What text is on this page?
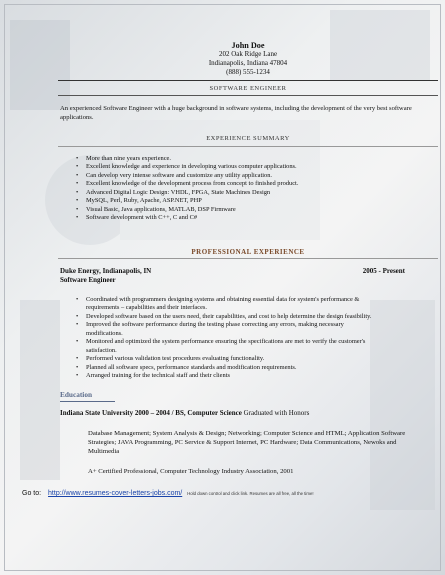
John Doe
202 Oak Ridge Lane
Indianapolis, Indiana 47804
(888) 555-1234
SOFTWARE ENGINEER
An experienced Software Engineer with a huge background in software systems, including the development of the very best software applications.
EXPERIENCE SUMMARY
• More than nine years experience.
• Excellent knowledge and experience in developing various computer applications.
• Can develop very intense software and customize any utility application.
• Excellent knowledge of the development process from concept to finished product.
• Advanced Digital Logic Design: VHDL, FPGA, State Machines Design
• MySQL, Perl, Ruby, Apache, ASP.NET, PHP
• Visual Basic, Java applications, MATLAB, DSP Firmware
• Software development with C++, C and C#
PROFESSIONAL EXPERIENCE
Duke Energy, Indianapolis, IN	2005 - Present
Software Engineer
• Coordinated with programmers designing systems and obtaining essential data for system's performance & requirements – capabilities and their interfaces.
• Developed software based on the users need, their capabilities, and cost to help determine the design feasibility.
• Improved the software performance during the testing phase correcting any errors, making necessary modifications.
• Monitored and optimized the system performance ensuring the specifications are met to verify the customer's satisfaction.
• Performed various validation test procedures evaluating functionality.
• Planned all software specs, performance standards and modification requirements.
• Arranged training for the technical staff and their clients
Education
Indiana State University 2000 – 2004 / BS, Computer Science Graduated with Honors
Database Management; System Analysis & Design; Networking; Computer Science and HTML; Application Software Strategies; JAVA Programming, PC Service & Support Internet, PC Hardware; Data Communications, Newoks and Multimedia
A+ Certified Professional, Computer Technology Industry Association, 2001
Go to: http://www.resumes-cover-letters-jobs.com/ Hold down control and click link. Resumes are all free, all the time!
